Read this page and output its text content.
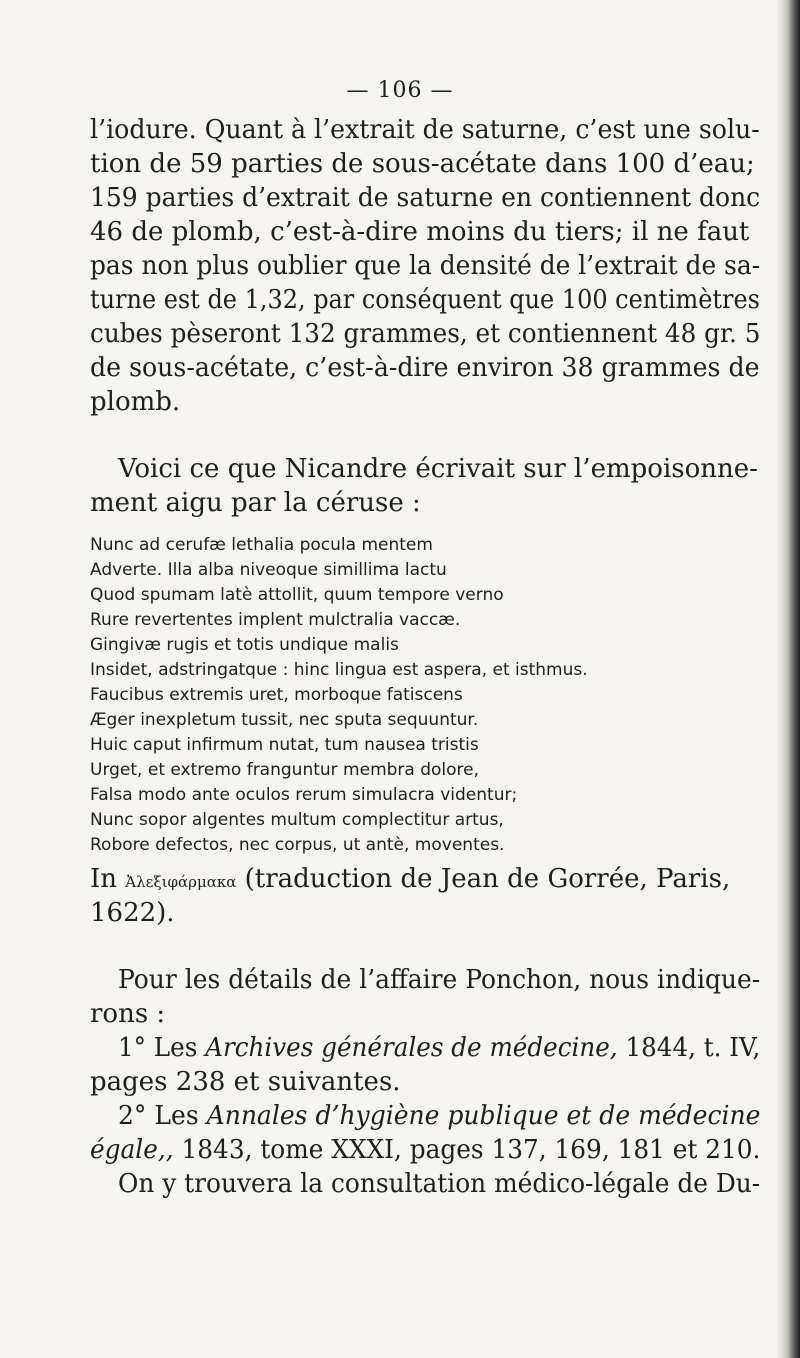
— 106 —
l’iodure. Quant à l’extrait de saturne, c’est une solu-
tion de 59 parties de sous-acétate dans 100 d’eau;
159 parties d’extrait de saturne en contiennent donc
46 de plomb, c’est-à-dire moins du tiers; il ne faut
pas non plus oublier que la densité de l’extrait de sa-
turne est de 1,32, par conséquent que 100 centimètres
cubes pèseront 132 grammes, et contiennent 48 gr. 5
de sous-acétate, c’est-à-dire environ 38 grammes de
plomb.
Voici ce que Nicandre écrivait sur l’empoisonne-
ment aigu par la céruse :
Nunc ad cerufæ lethalia pocula mentem
Adverte. Illa alba niveoque simillima lactu
Quod spumam latè attollit, quum tempore verno
Rure revertentes implent mulctralia vaccæ.
Gingivæ rugis et totis undique malis
Insidet, adstringatque : hinc lingua est aspera, et isthmus.
Faucibus extremis uret, morboque fatiscens
Æger inexpletum tussit, nec sputa sequuntur.
Huic caput infirmum nutat, tum nausea tristis
Urget, et extremo franguntur membra dolore,
Falsa modo ante oculos rerum simulacra videntur;
Nunc sopor algentes multum complectitur artus,
Robore defectos, nec corpus, ut antè, moventes.
In Ἀλεξιφάρμακα (traduction de Jean de Gorrée, Paris,
1622).
Pour les détails de l’affaire Ponchon, nous indique-
rons :
1° Les Archives générales de médecine, 1844, t. IV,
pages 238 et suivantes.
2° Les Annales d’hygiène publique et de médecine
égale,, 1843, tome XXXI, pages 137, 169, 181 et 210.
On y trouvera la consultation médico-légale de Du-
